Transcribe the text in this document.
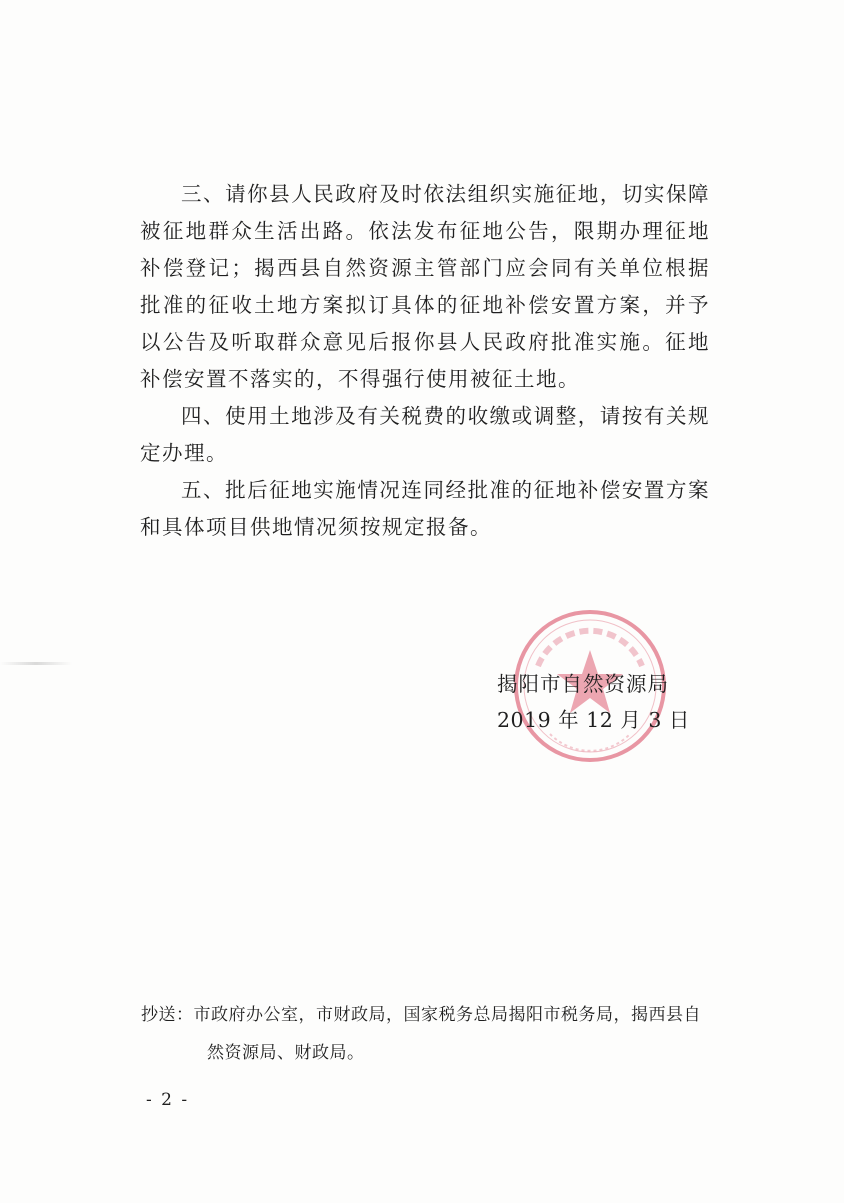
三、请你县人民政府及时依法组织实施征地，切实保障被征地群众生活出路。依法发布征地公告，限期办理征地补偿登记；揭西县自然资源主管部门应会同有关单位根据批准的征收土地方案拟订具体的征地补偿安置方案，并予以公告及听取群众意见后报你县人民政府批准实施。征地补偿安置不落实的，不得强行使用被征土地。

四、使用土地涉及有关税费的收缴或调整，请按有关规定办理。

五、批后征地实施情况连同经批准的征地补偿安置方案和具体项目供地情况须按规定报备。

揭阳市自然资源局
2019 年 12 月 3 日
抄送：市政府办公室，市财政局，国家税务总局揭阳市税务局，揭西县自
然资源局、财政局。
- 2 -
